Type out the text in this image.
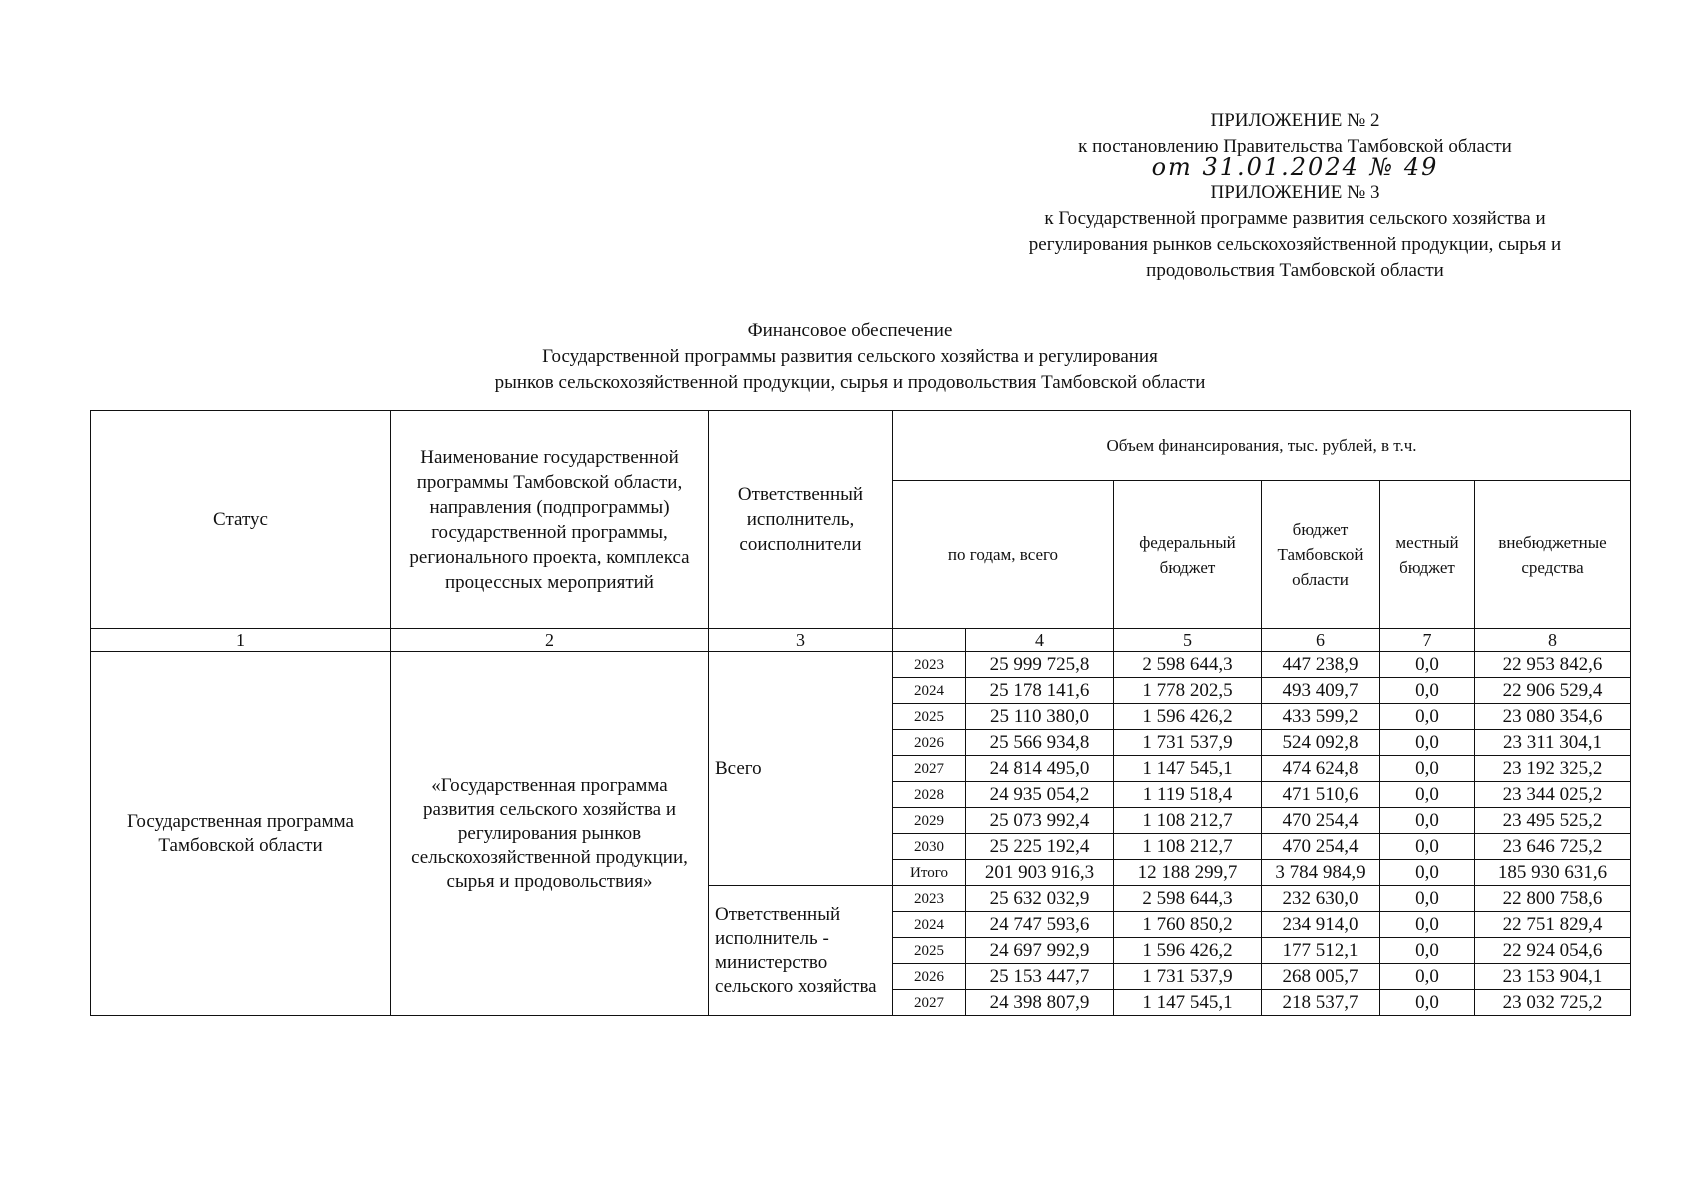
ПРИЛОЖЕНИЕ № 2
к постановлению Правительства Тамбовской области
от 31.01.2024 № 49
ПРИЛОЖЕНИЕ № 3
к Государственной программе развития сельского хозяйства и
регулирования рынков сельскохозяйственной продукции, сырья и
продовольствия Тамбовской области
Финансовое обеспечение
Государственной программы развития сельского хозяйства и регулирования
рынков сельскохозяйственной продукции, сырья и продовольствия Тамбовской области
Статус	Наименование государственной программы Тамбовской области, направления (подпрограммы) государственной программы, регионального проекта, комплекса процессных мероприятий	Ответственный исполнитель, соисполнители	Объем финансирования, тыс. рублей, в т.ч.					
			по годам, всего		федеральный бюджет	бюджет Тамбовской области	местный бюджет	внебюджетные средства
1	2	3		4	5	6	7	8
Государственная программа Тамбовской области	«Государственная программа развития сельского хозяйства и регулирования рынков сельскохозяйственной продукции, сырья и продовольствия»	Всего	2023	25 999 725,8	2 598 644,3	447 238,9	0,0	22 953 842,6
			2024	25 178 141,6	1 778 202,5	493 409,7	0,0	22 906 529,4
			2025	25 110 380,0	1 596 426,2	433 599,2	0,0	23 080 354,6
			2026	25 566 934,8	1 731 537,9	524 092,8	0,0	23 311 304,1
			2027	24 814 495,0	1 147 545,1	474 624,8	0,0	23 192 325,2
			2028	24 935 054,2	1 119 518,4	471 510,6	0,0	23 344 025,2
			2029	25 073 992,4	1 108 212,7	470 254,4	0,0	23 495 525,2
			2030	25 225 192,4	1 108 212,7	470 254,4	0,0	23 646 725,2
			Итого	201 903 916,3	12 188 299,7	3 784 984,9	0,0	185 930 631,6
		Ответственный исполнитель - министерство сельского хозяйства	2023	25 632 032,9	2 598 644,3	232 630,0	0,0	22 800 758,6
			2024	24 747 593,6	1 760 850,2	234 914,0	0,0	22 751 829,4
			2025	24 697 992,9	1 596 426,2	177 512,1	0,0	22 924 054,6
			2026	25 153 447,7	1 731 537,9	268 005,7	0,0	23 153 904,1
			2027	24 398 807,9	1 147 545,1	218 537,7	0,0	23 032 725,2
